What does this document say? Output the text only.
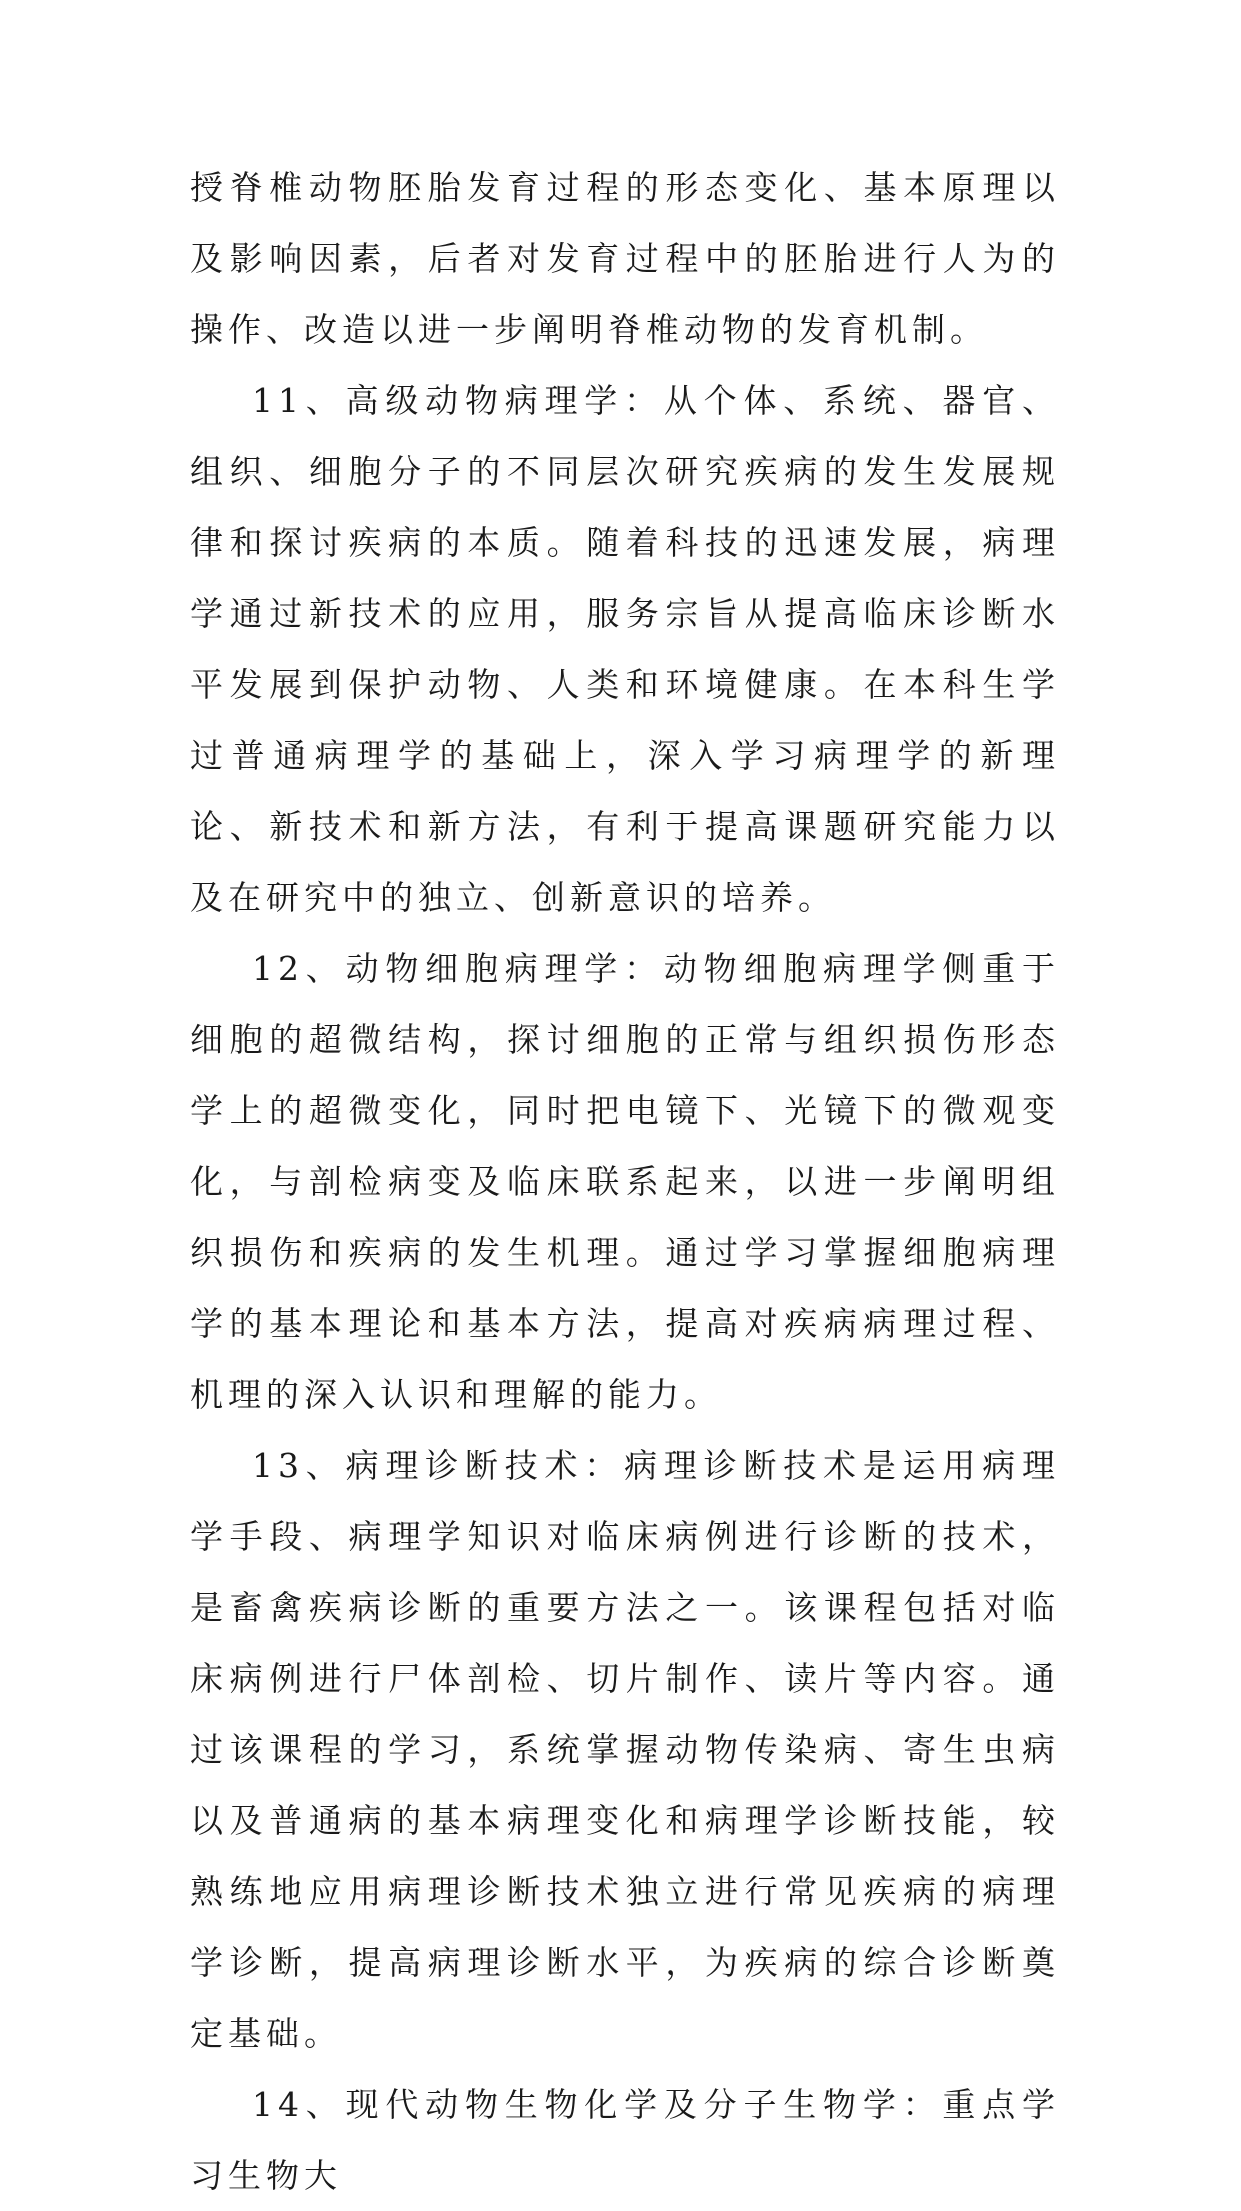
授脊椎动物胚胎发育过程的形态变化、基本原理以及影响因素，后者对发育过程中的胚胎进行人为的操作、改造以进一步阐明脊椎动物的发育机制。

11、高级动物病理学：从个体、系统、器官、组织、细胞分子的不同层次研究疾病的发生发展规律和探讨疾病的本质。随着科技的迅速发展，病理学通过新技术的应用，服务宗旨从提高临床诊断水平发展到保护动物、人类和环境健康。在本科生学过普通病理学的基础上，深入学习病理学的新理论、新技术和新方法，有利于提高课题研究能力以及在研究中的独立、创新意识的培养。

12、动物细胞病理学：动物细胞病理学侧重于细胞的超微结构，探讨细胞的正常与组织损伤形态学上的超微变化，同时把电镜下、光镜下的微观变化，与剖检病变及临床联系起来，以进一步阐明组织损伤和疾病的发生机理。通过学习掌握细胞病理学的基本理论和基本方法，提高对疾病病理过程、机理的深入认识和理解的能力。

13、病理诊断技术：病理诊断技术是运用病理学手段、病理学知识对临床病例进行诊断的技术，是畜禽疾病诊断的重要方法之一。该课程包括对临床病例进行尸体剖检、切片制作、读片等内容。通过该课程的学习，系统掌握动物传染病、寄生虫病以及普通病的基本病理变化和病理学诊断技能，较熟练地应用病理诊断技术独立进行常见疾病的病理学诊断，提高病理诊断水平，为疾病的综合诊断奠定基础。

14、现代动物生物化学及分子生物学：重点学习生物大
